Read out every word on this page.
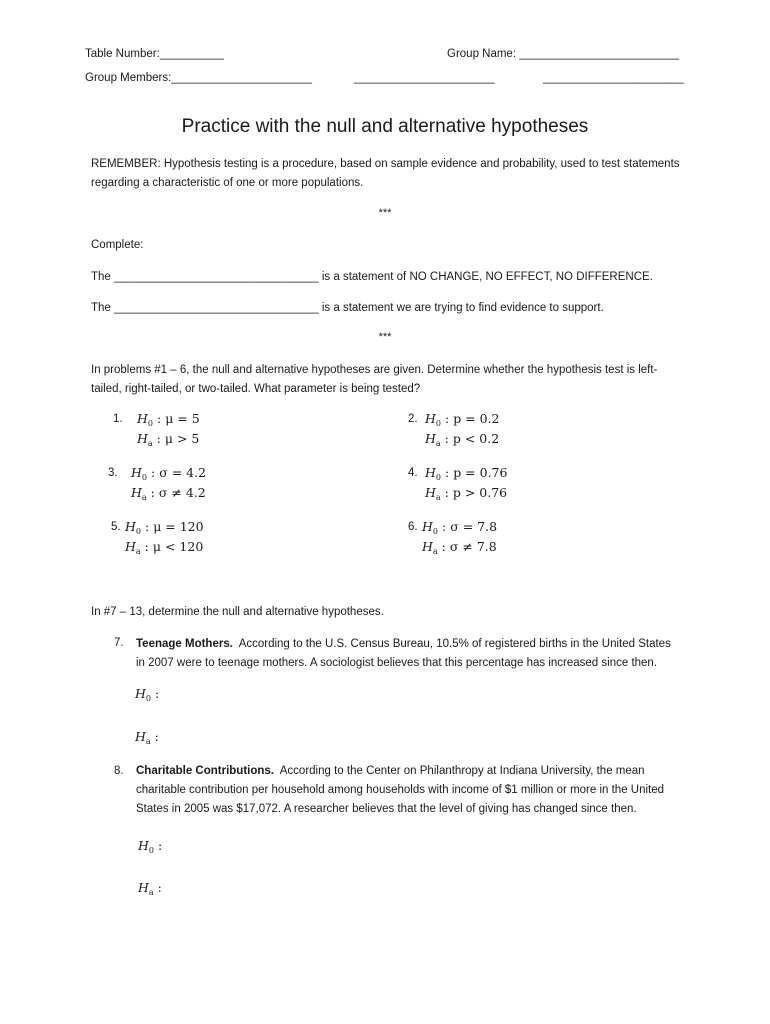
Table Number:__________	Group Name: _________________________
Group Members:______________________	______________________	______________________
Practice with the null and alternative hypotheses
REMEMBER: Hypothesis testing is a procedure, based on sample evidence and probability, used to test statements regarding a characteristic of one or more populations.
***
Complete:
The ________________________________ is a statement of NO CHANGE, NO EFFECT, NO DIFFERENCE.
The ________________________________ is a statement we are trying to find evidence to support.
***
In problems #1 – 6, the null and alternative hypotheses are given. Determine whether the hypothesis test is left-tailed, right-tailed, or two-tailed. What parameter is being tested?
1. $H_0$ : μ = 5
$H_a$ : μ > 5
2. $H_0$ : p = 0.2
$H_a$ : p < 0.2
3. $H_0$ : σ = 4.2
$H_a$ : σ ≠ 4.2
4. $H_0$ : p = 0.76
$H_a$ : p > 0.76
5. $H_0$ : μ = 120
$H_a$ : μ < 120
6. $H_0$ : σ = 7.8
$H_a$ : σ ≠ 7.8
In #7 – 13, determine the null and alternative hypotheses.
7. Teenage Mothers. According to the U.S. Census Bureau, 10.5% of registered births in the United States in 2007 were to teenage mothers. A sociologist believes that this percentage has increased since then.
$H_0$ :
$H_a$ :
8. Charitable Contributions. According to the Center on Philanthropy at Indiana University, the mean charitable contribution per household among households with income of $1 million or more in the United States in 2005 was $17,072. A researcher believes that the level of giving has changed since then.
$H_0$ :
$H_a$ :
